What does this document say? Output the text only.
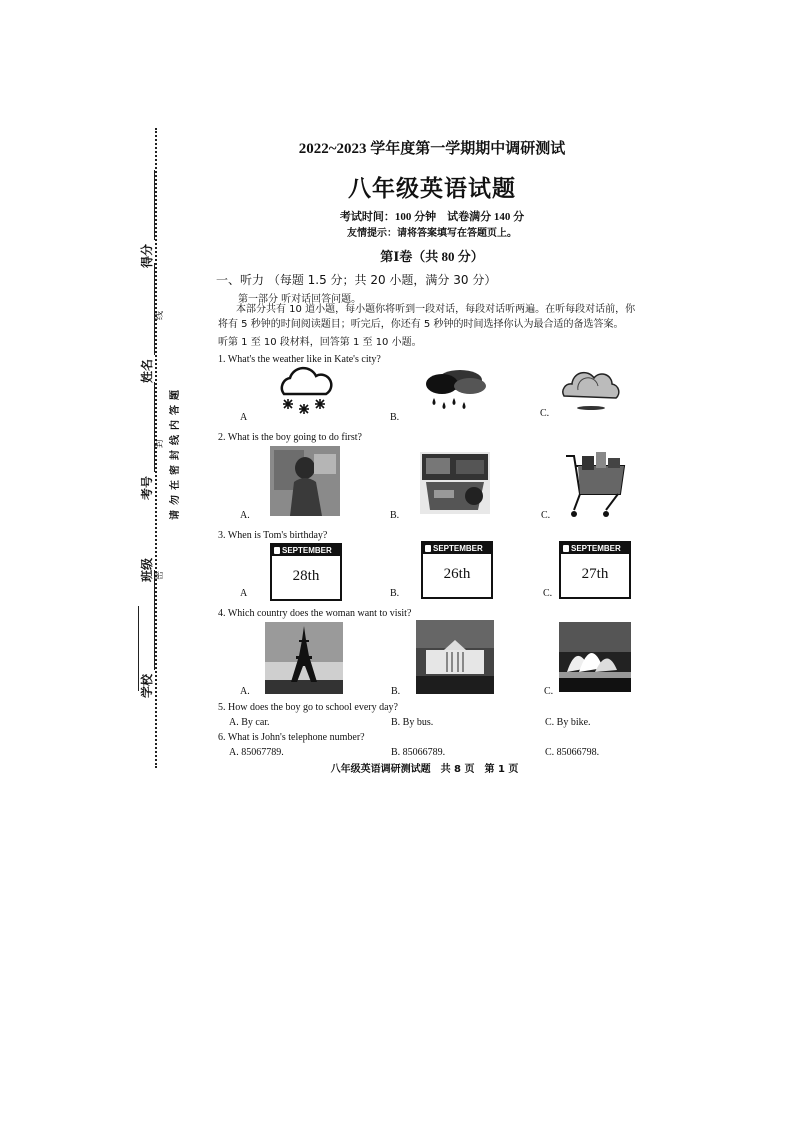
得分
姓名
考号
班级
学校
请勿在密封线内答题
线
封
密
2022~2023 学年度第一学期期中调研测试
八年级英语试题
考试时间：100 分钟　试卷满分 140 分
友情提示：请将答案填写在答题页上。
第Ⅰ卷（共 80 分）
一、听力 （每题 1.5 分；共 20 小题，满分 30 分）
第一部分 听对话回答问题。
本部分共有 10 道小题，每小题你将听到一段对话，每段对话听两遍。在听每段对话前，你将有 5 秒钟的时间阅读题目；听完后，你还有 5 秒钟的时间选择你认为最合适的备选答案。
听第 1 至 10 段材料，回答第 1 至 10 小题。
1. What's the weather like in Kate's city?
A	B.	C.
2. What is the boy going to do first?
A.	B.	C.
3. When is Tom's birthday?
SEPTEMBER
28th
A
SEPTEMBER
26th
B.
SEPTEMBER
27th
C.
4. Which country does the woman want to visit?
A.	B.	C.
5. How does the boy go to school every day?
A. By car.	B. By bus.	C. By bike.
6. What is John's telephone number?
A. 85067789.	B. 85066789.	C. 85066798.
八年级英语调研测试题　共 8 页　第 1 页
